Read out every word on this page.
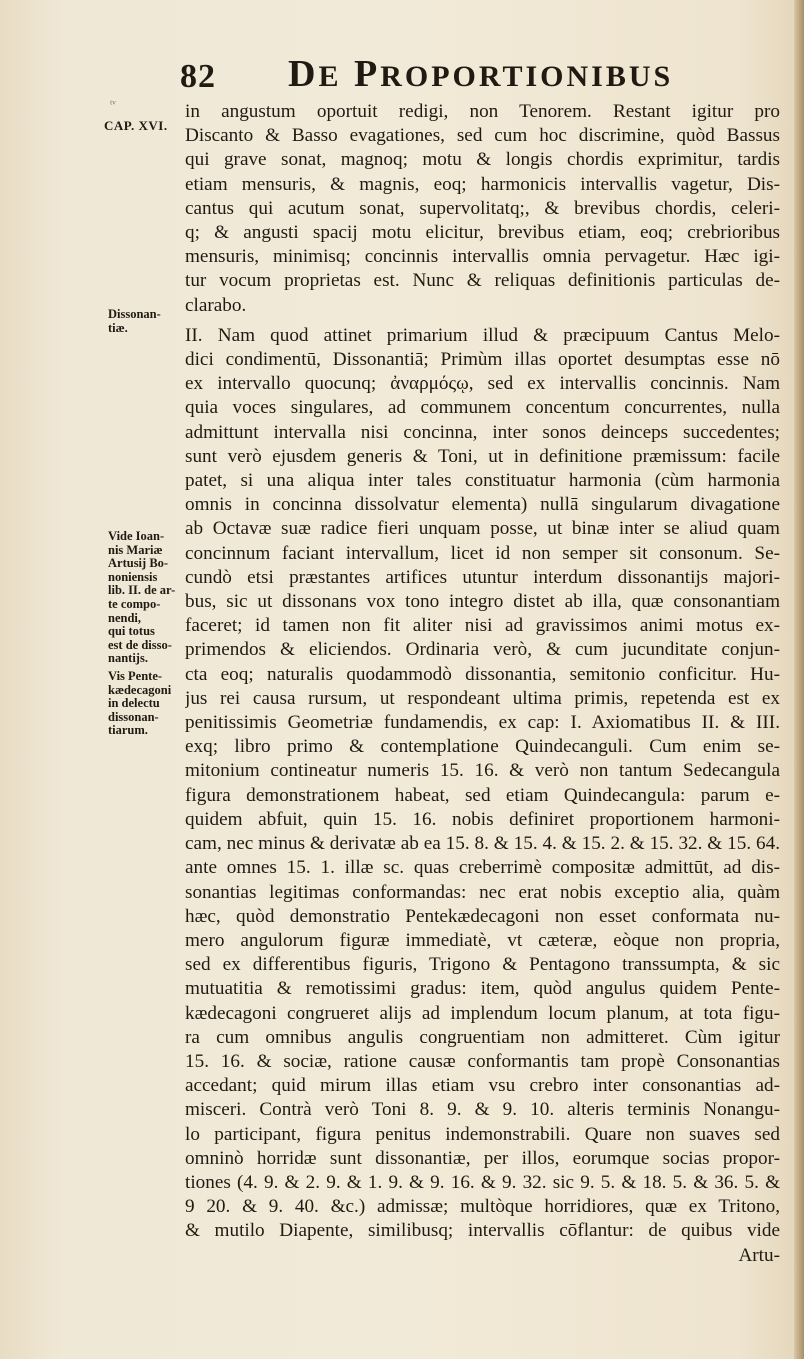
82 DE PROPORTIONIBUS
ᵗᵛ
CAP. XVI.
Dissonan-
tiæ.
Vide Ioan-
nis Mariæ
Artusij Bo-
noniensis
lib. II. de ar-
te compo-
nendi,
qui totus
est de disso-
nantijs.
Vis Pente-
kædecagoni
in delectu
dissonan-
tiarum.
in angustum oportuit redigi, non Tenorem. Restant igitur pro
Discanto & Basso evagationes, sed cum hoc discrimine, quòd Bassus
qui grave sonat, magnoq; motu & longis chordis exprimitur, tardis
etiam mensuris, & magnis, eoq; harmonicis intervallis vagetur, Dis-
cantus qui acutum sonat, supervolitatq;, & brevibus chordis, celeri-
q; & angusti spacij motu elicitur, brevibus etiam, eoq; crebrioribus
mensuris, minimisq; concinnis intervallis omnia pervagetur. Hæc igi-
tur vocum proprietas est. Nunc & reliquas definitionis particulas de-
clarabo.
II. Nam quod attinet primarium illud & præcipuum Cantus Melo-
dici condimentū, Dissonantiā; Primùm illas oportet desumptas esse nō
ex intervallo quocunq; ἀναρμόςῳ, sed ex intervallis concinnis. Nam
quia voces singulares, ad communem concentum concurrentes, nulla
admittunt intervalla nisi concinna, inter sonos deinceps succedentes;
sunt verò ejusdem generis & Toni, ut in definitione præmissum: facile
patet, si una aliqua inter tales constituatur harmonia (cùm harmonia
omnis in concinna dissolvatur elementa) nullā singularum divagatione
ab Octavæ suæ radice fieri unquam posse, ut binæ inter se aliud quam
concinnum faciant intervallum, licet id non semper sit consonum. Se-
cundò etsi præstantes artifices utuntur interdum dissonantijs majori-
bus, sic ut dissonans vox tono integro distet ab illa, quæ consonantiam
faceret; id tamen non fit aliter nisi ad gravissimos animi motus ex-
primendos & eliciendos. Ordinaria verò, & cum jucunditate conjun-
cta eoq; naturalis quodammodò dissonantia, semitonio conficitur. Hu-
jus rei causa rursum, ut respondeant ultima primis, repetenda est ex
penitissimis Geometriæ fundamendis, ex cap: I. Axiomatibus II. & III.
exq; libro primo & contemplatione Quindecanguli. Cum enim se-
mitonium contineatur numeris 15. 16. & verò non tantum Sedecangula
figura demonstrationem habeat, sed etiam Quindecangula: parum e-
quidem abfuit, quin 15. 16. nobis definiret proportionem harmoni-
cam, nec minus & derivatæ ab ea 15. 8. & 15. 4. & 15. 2. & 15. 32. & 15. 64.
ante omnes 15. 1. illæ sc. quas creberrimè compositæ admittūt, ad dis-
sonantias legitimas conformandas: nec erat nobis exceptio alia, quàm
hæc, quòd demonstratio Pentekædecagoni non esset conformata nu-
mero angulorum figuræ immediatè, vt cæteræ, eòque non propria,
sed ex differentibus figuris, Trigono & Pentagono transsumpta, & sic
mutuatitia & remotissimi gradus: item, quòd angulus quidem Pente-
kædecagoni congrueret alijs ad implendum locum planum, at tota figu-
ra cum omnibus angulis congruentiam non admitteret. Cùm igitur
15. 16. & sociæ, ratione causæ conformantis tam propè Consonantias
accedant; quid mirum illas etiam vsu crebro inter consonantias ad-
misceri. Contrà verò Toni 8. 9. & 9. 10. alteris terminis Nonangu-
lo participant, figura penitus indemonstrabili. Quare non suaves sed
omninò horridæ sunt dissonantiæ, per illos, eorumque socias propor-
tiones (4. 9. & 2. 9. & 1. 9. & 9. 16. & 9. 32. sic 9. 5. & 18. 5. & 36. 5. &
9 20. & 9. 40. &c.) admissæ; multòque horridiores, quæ ex Tritono,
& mutilo Diapente, similibusq; intervallis cōflantur: de quibus vide
Artu-
